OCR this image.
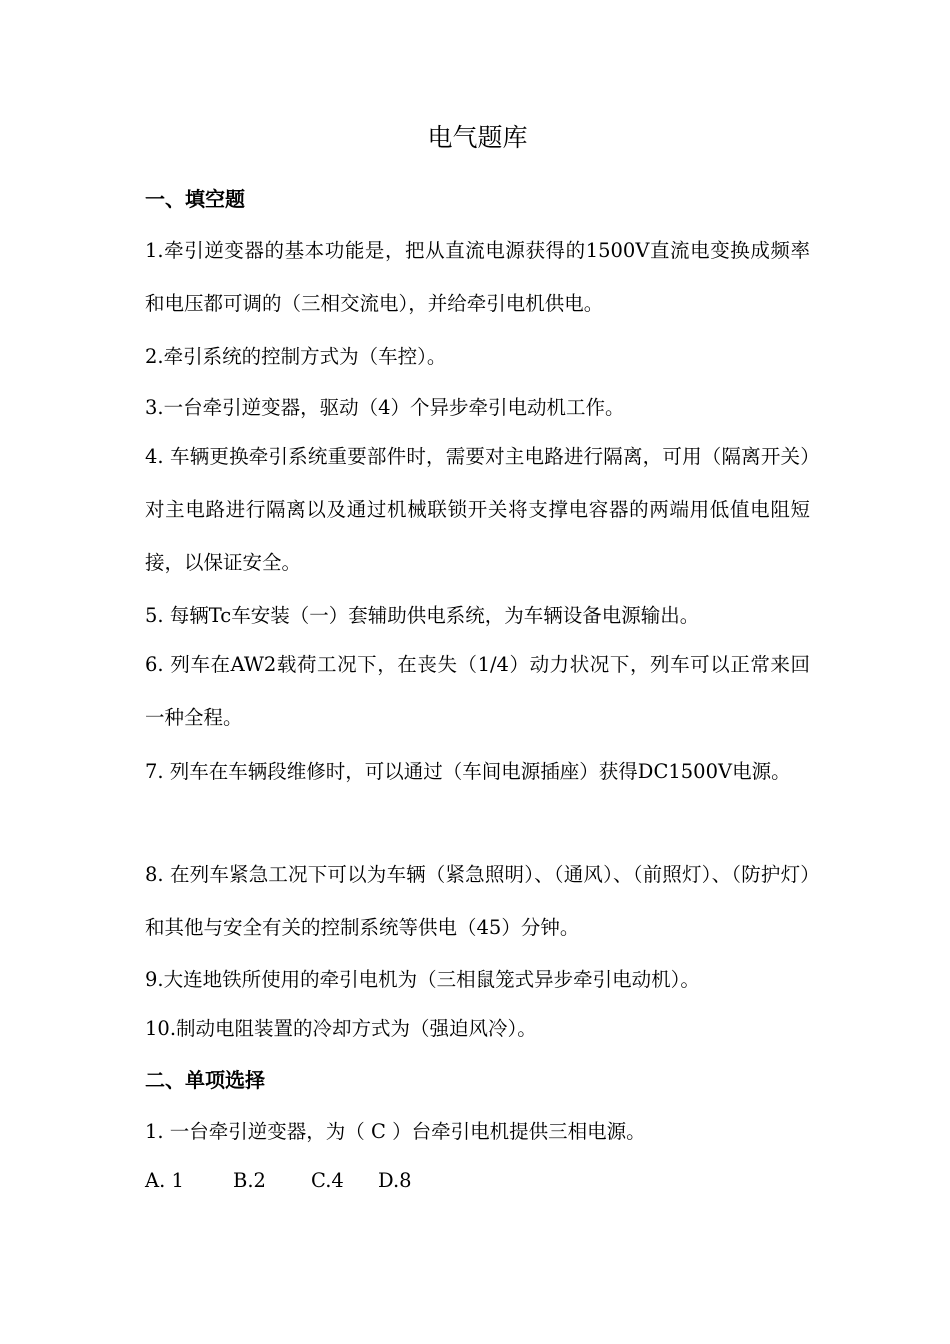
电气题库
一、填空题

1.牵引逆变器的基本功能是，把从直流电源获得的1500V直流电变换成频率和电压都可调的（三相交流电），并给牵引电机供电。

2.牵引系统的控制方式为（车控）。

3.一台牵引逆变器，驱动（4）个异步牵引电动机工作。

4. 车辆更换牵引系统重要部件时，需要对主电路进行隔离，可用（隔离开关）对主电路进行隔离以及通过机械联锁开关将支撑电容器的两端用低值电阻短接，以保证安全。

5. 每辆Tc车安装（一）套辅助供电系统，为车辆设备电源输出。

6. 列车在AW2载荷工况下，在丧失（1/4）动力状况下，列车可以正常来回一种全程。

7. 列车在车辆段维修时，可以通过（车间电源插座）获得DC1500V电源。

8. 在列车紧急工况下可以为车辆（紧急照明）、（通风）、（前照灯）、（防护灯）和其他与安全有关的控制系统等供电（45）分钟。

9.大连地铁所使用的牵引电机为（三相鼠笼式异步牵引电动机）。

10.制动电阻装置的冷却方式为（强迫风冷）。

二、单项选择

1. 一台牵引逆变器，为（ C ）台牵引电机提供三相电源。

A. 1	B.2 C.4 D.8
